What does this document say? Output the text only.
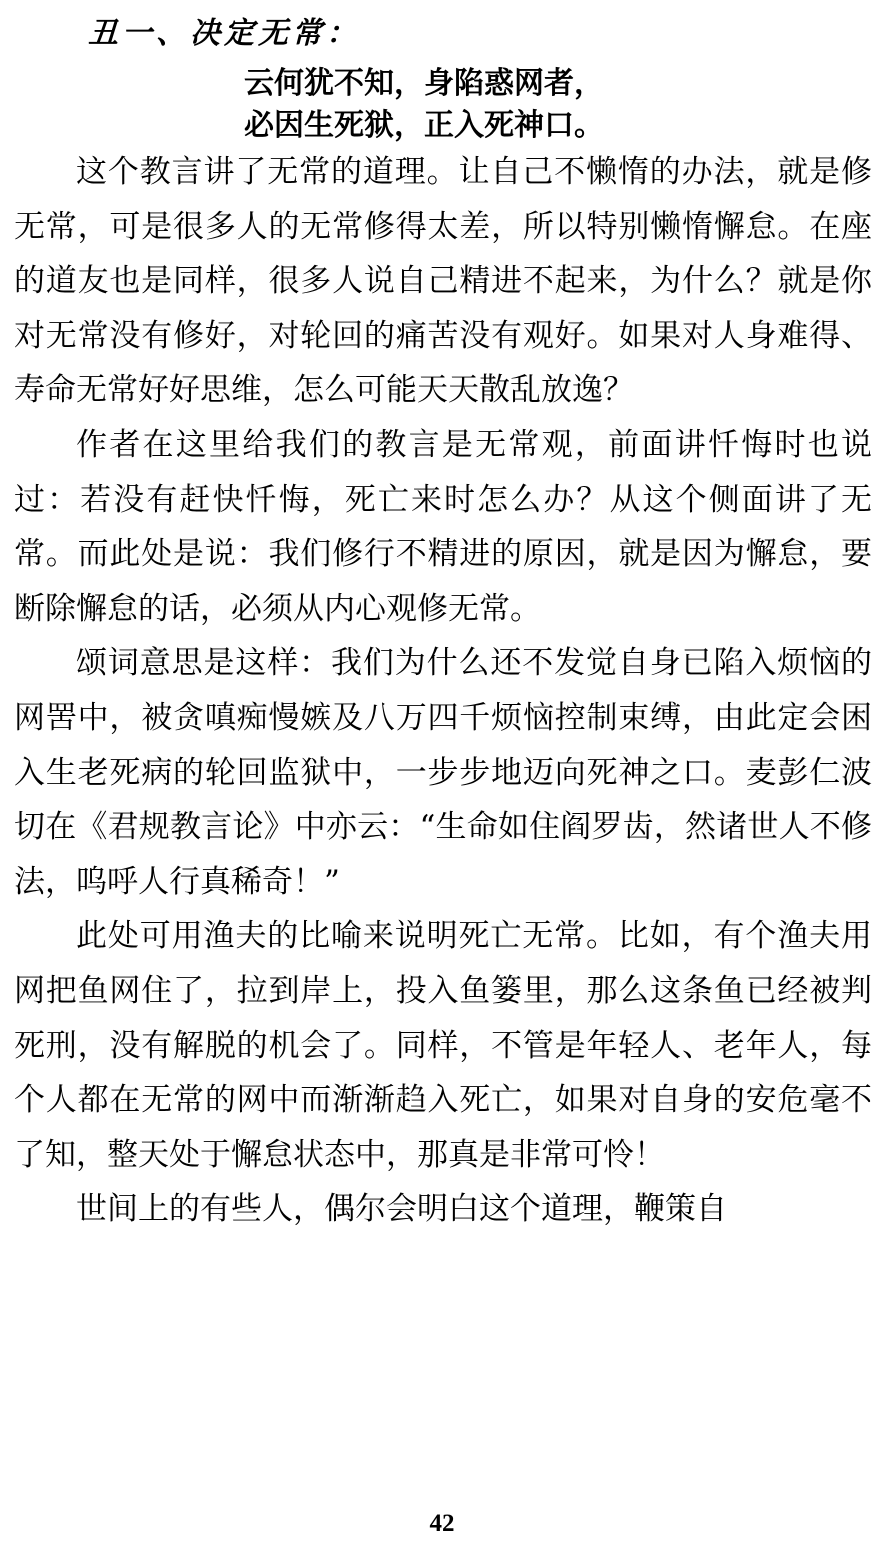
丑一、决定无常：
云何犹不知，身陷惑网者，
必因生死狱，正入死神口。

这个教言讲了无常的道理。让自己不懒惰的办法，就是修无常，可是很多人的无常修得太差，所以特别懒惰懈怠。在座的道友也是同样，很多人说自己精进不起来，为什么？就是你对无常没有修好，对轮回的痛苦没有观好。如果对人身难得、寿命无常好好思维，怎么可能天天散乱放逸？

作者在这里给我们的教言是无常观，前面讲忏悔时也说过：若没有赶快忏悔，死亡来时怎么办？从这个侧面讲了无常。而此处是说：我们修行不精进的原因，就是因为懈怠，要断除懈怠的话，必须从内心观修无常。

颂词意思是这样：我们为什么还不发觉自身已陷入烦恼的网罟中，被贪嗔痴慢嫉及八万四千烦恼控制束缚，由此定会困入生老死病的轮回监狱中，一步步地迈向死神之口。麦彭仁波切在《君规教言论》中亦云：“生命如住阎罗齿，然诸世人不修法，呜呼人行真稀奇！”

此处可用渔夫的比喻来说明死亡无常。比如，有个渔夫用网把鱼网住了，拉到岸上，投入鱼篓里，那么这条鱼已经被判死刑，没有解脱的机会了。同样，不管是年轻人、老年人，每个人都在无常的网中而渐渐趋入死亡，如果对自身的安危毫不了知，整天处于懈怠状态中，那真是非常可怜！

世间上的有些人，偶尔会明白这个道理，鞭策自

42
